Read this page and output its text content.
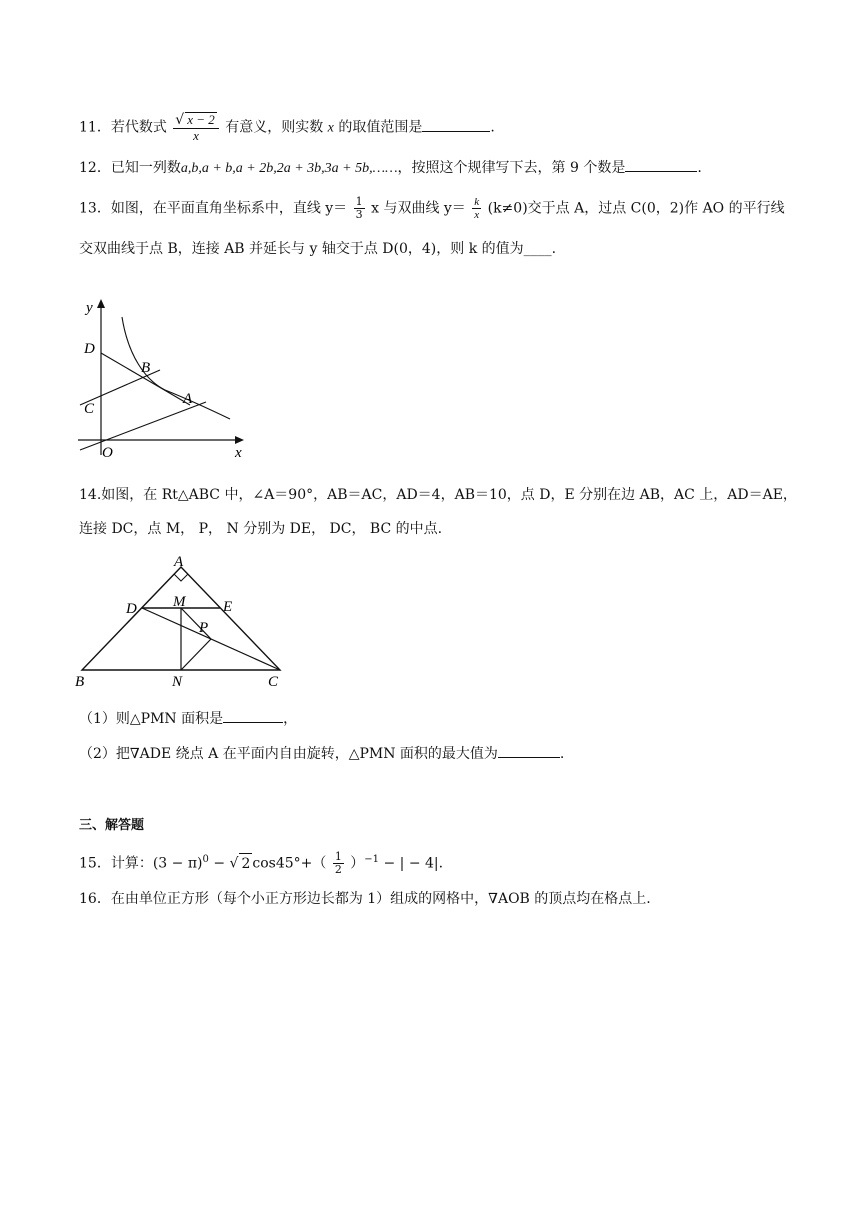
11．若代数式 $\frac{√ x - 2}{x}$ 有意义，则实数 x 的取值范围是	.
12．已知一列数a,b,a + b,a + 2b,2a + 3b,3a + 5b,……，按照这个规律写下去，第 9 个数是	.
13．如图，在平面直角坐标系中，直线 $y= \frac{1}{3}$ x 与双曲线 $y= \frac{k}{x} (k\ne 0)$交于点 A，过点 C(0，2)作 AO 的平行线
交双曲线于点 B，连接 AB 并延长与 y 轴交于点 D(0，4)，则 k 的值为____.
y
D
B
C
A
O	x
14.如图，在 Rt△ABC 中，∠A＝90°，AB＝AC，AD＝4，AB＝10，点 D，E 分别在边 AB，AC 上，AD＝AE，
连接 DC，点 M， P， N 分别为 DE， DC， BC 的中点.
A
D M	E
P
B	N	C
（1）则△PMN 面积是	，
（2）把∇ADE 绕点 A 在平面内自由旋转，△PMN 面积的最大值为	.
三、解答题
15．计算：$(3 - \pi)^0$ − √ 2 $\cos 45^\circ+( \frac{1}{2} )^{-1}$ − | − 4|.
16．在由单位正方形（每个小正方形边长都为 1）组成的网格中，∇AOB 的顶点均在格点上.
